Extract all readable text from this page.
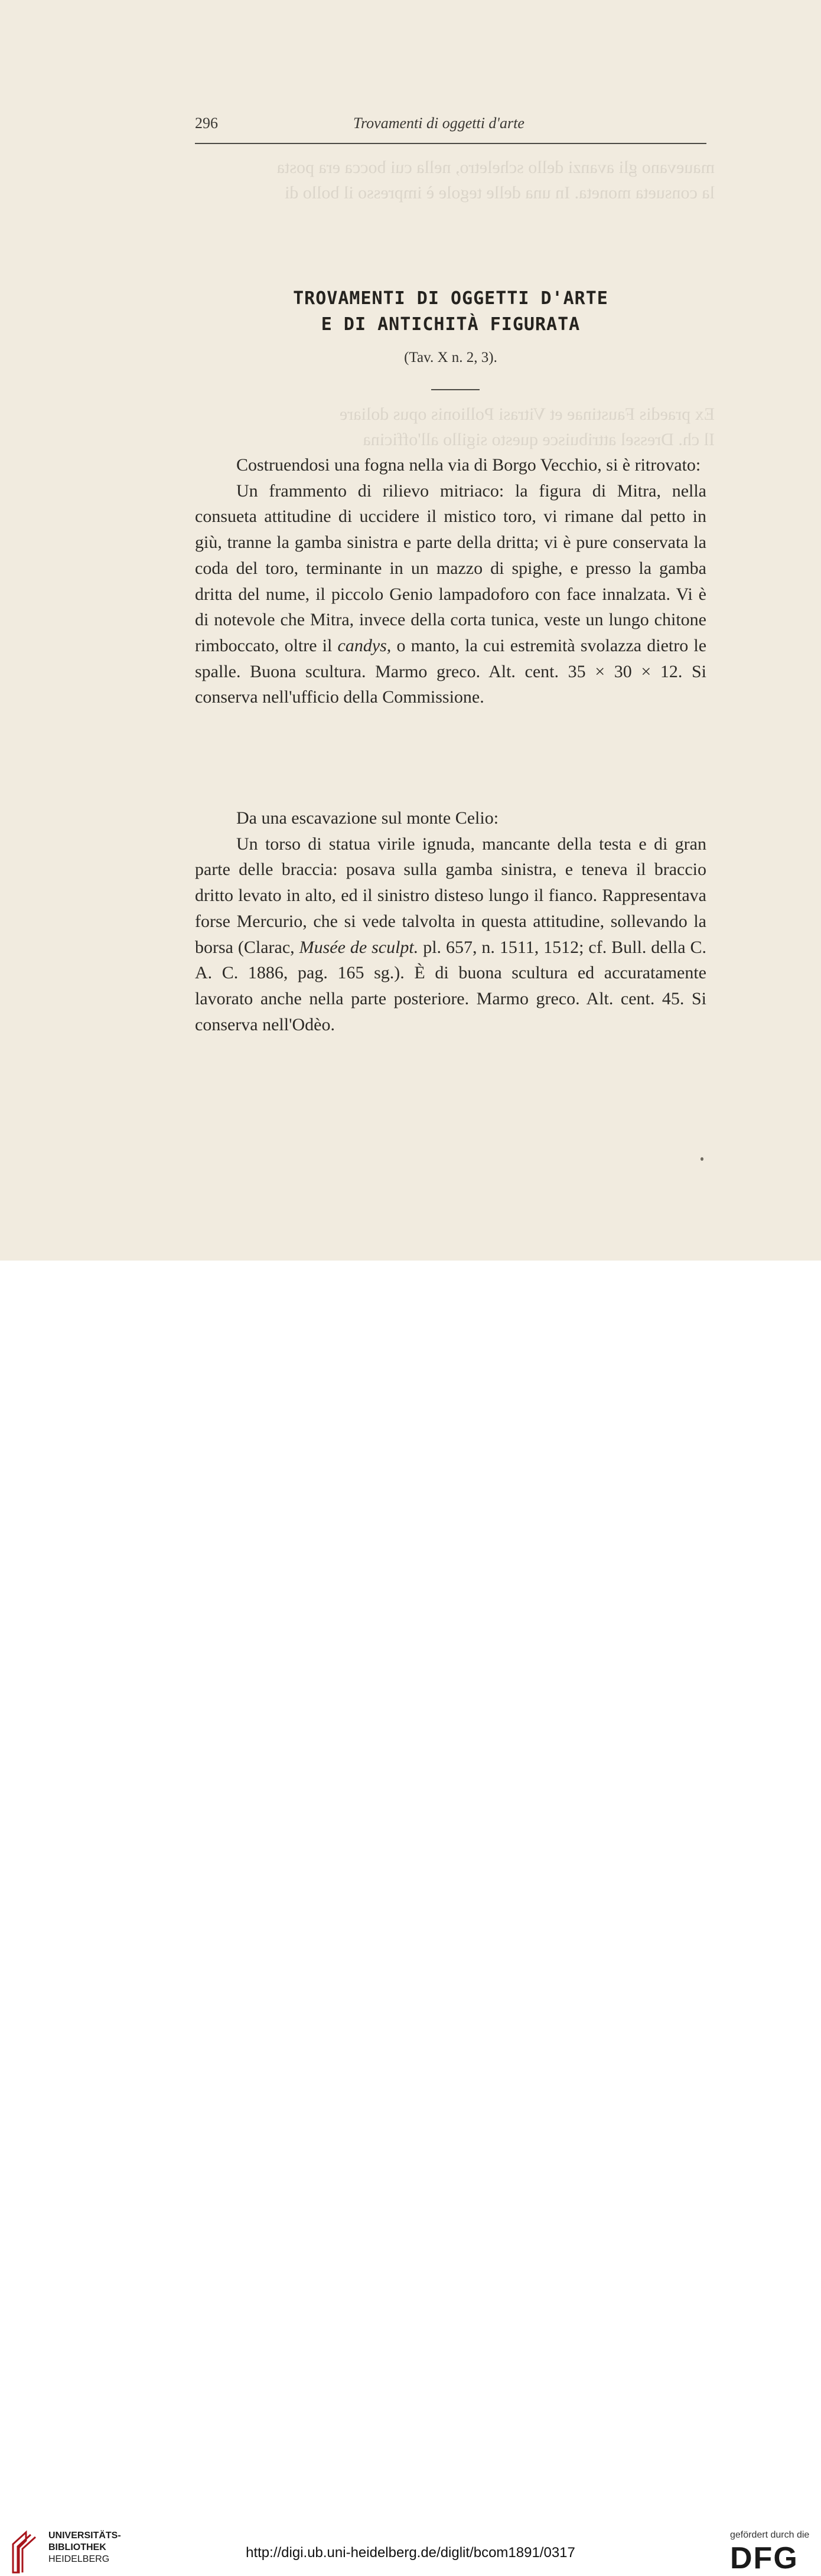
mauevano gli avanzi dello scheletro, nella cui bocca era posta
la consueta moneta. In una delle tegole è impresso il bollo di
Ex praedis Faustinae et Vitrasi Pollionis opus doliare
Il ch. Dressel attribuisce questo sigillo all'officina
296	Trovamenti di oggetti d'arte
TROVAMENTI DI OGGETTI D'ARTE
E DI ANTICHITÀ FIGURATA
(Tav. X n. 2, 3).

Costruendosi una fogna nella via di Borgo Vecchio, si è ritrovato:

Un frammento di rilievo mitriaco: la figura di Mitra, nella consueta attitudine di uccidere il mistico toro, vi rimane dal petto in giù, tranne la gamba sinistra e parte della dritta; vi è pure conservata la coda del toro, terminante in un mazzo di spighe, e presso la gamba dritta del nume, il piccolo Genio lampadoforo con face innalzata. Vi è di notevole che Mitra, invece della corta tunica, veste un lungo chitone rimboccato, oltre il candys, o manto, la cui estremità svolazza dietro le spalle. Buona scultura. Marmo greco. Alt. cent. 35 × 30 × 12. Si conserva nell'ufficio della Commissione.

Da una escavazione sul monte Celio:

Un torso di statua virile ignuda, mancante della testa e di gran parte delle braccia: posava sulla gamba sinistra, e teneva il braccio dritto levato in alto, ed il sinistro disteso lungo il fianco. Rappresentava forse Mercurio, che si vede talvolta in questa attitudine, sollevando la borsa (Clarac, Musée de sculpt. pl. 657, n. 1511, 1512; cf. Bull. della C. A. C. 1886, pag. 165 sg.). È di buona scultura ed accuratamente lavorato anche nella parte posteriore. Marmo greco. Alt. cent. 45. Si conserva nell'Odèo.

UNIVERSITÄTS-
BIBLIOTHEK
HEIDELBERG	http://digi.ub.uni-heidelberg.de/diglit/bcom1891/0317
gefördert durch die
DFG
